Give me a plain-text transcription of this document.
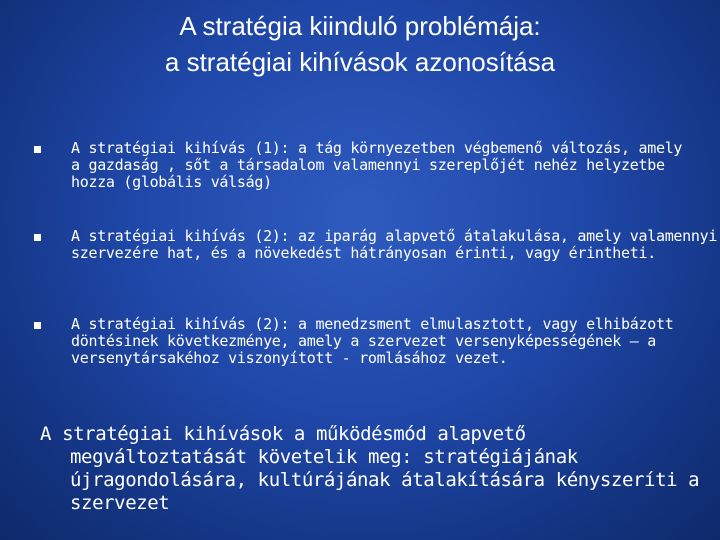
A stratégia kiinduló problémája:
a stratégiai kihívások azonosítása
A stratégiai kihívás (1): a tág környezetben végbemenő változás, amely a gazdaság , sőt a társadalom valamennyi szereplőjét nehéz helyzetbe hozza (globális válság)
A stratégiai kihívás (2): az iparág alapvető átalakulása, amely valamennyi szervezére hat, és a növekedést hátrányosan érinti, vagy érintheti.
A stratégiai kihívás (2): a menedzsment elmulasztott, vagy elhibázott döntésinek következménye, amely a szervezet versenyképességének – a versenytársakéhoz viszonyított - romlásához vezet.
A stratégiai kihívások a működésmód alapvető megváltoztatását követelik meg: stratégiájának újragondolására, kultúrájának átalakítására kényszeríti a szervezet
